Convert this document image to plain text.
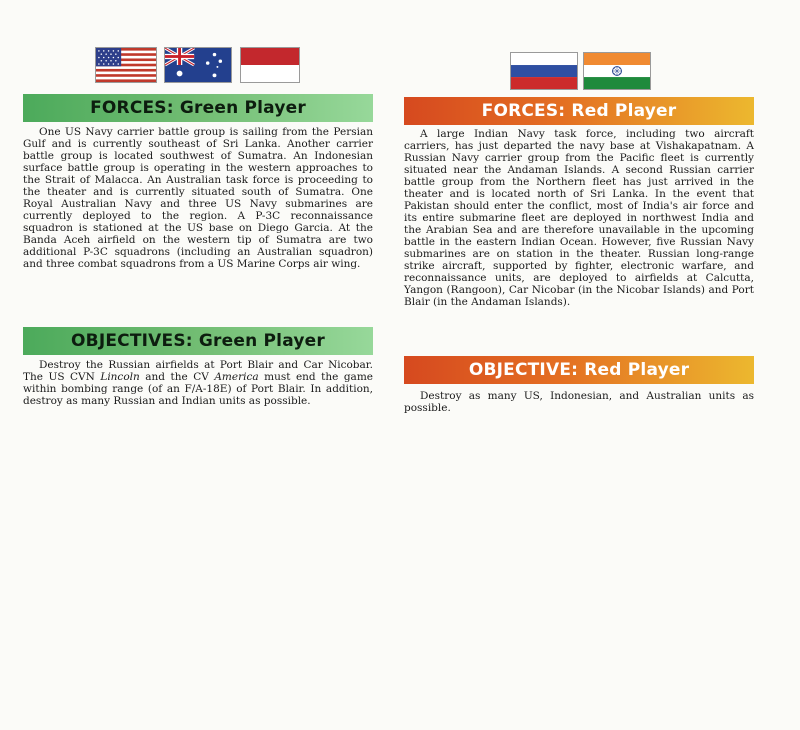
FORCES: Green Player

One US Navy carrier battle group is sailing from the Persian Gulf and is currently southeast of Sri Lanka. Another carrier battle group is located southwest of Sumatra. An Indonesian surface battle group is operating in the western approaches to the Strait of Malacca. An Australian task force is proceeding to the theater and is currently situated south of Sumatra. One Royal Australian Navy and three US Navy submarines are currently deployed to the region. A P-3C reconnaissance squadron is stationed at the US base on Diego Garcia. At the Banda Aceh airfield on the western tip of Sumatra are two additional P-3C squadrons (including an Australian squadron) and three combat squadrons from a US Marine Corps air wing.

OBJECTIVES: Green Player

Destroy the Russian airfields at Port Blair and Car Nicobar. The US CVN Lincoln and the CV America must end the game within bombing range (of an F/A-18E) of Port Blair. In addition, destroy as many Russian and Indian units as possible.

FORCES: Red Player

A large Indian Navy task force, including two aircraft carriers, has just departed the navy base at Vishakapatnam. A Russian Navy carrier group from the Pacific fleet is currently situated near the Andaman Islands. A second Russian carrier battle group from the Northern fleet has just arrived in the theater and is located north of Sri Lanka. In the event that Pakistan should enter the conflict, most of India's air force and its entire submarine fleet are deployed in northwest India and the Arabian Sea and are therefore unavailable in the upcoming battle in the eastern Indian Ocean. However, five Russian Navy submarines are on station in the theater. Russian long-range strike aircraft, supported by fighter, electronic warfare, and reconnaissance units, are deployed to airfields at Calcutta, Yangon (Rangoon), Car Nicobar (in the Nicobar Islands) and Port Blair (in the Andaman Islands).

OBJECTIVE: Red Player

Destroy as many US, Indonesian, and Australian units as possible.
